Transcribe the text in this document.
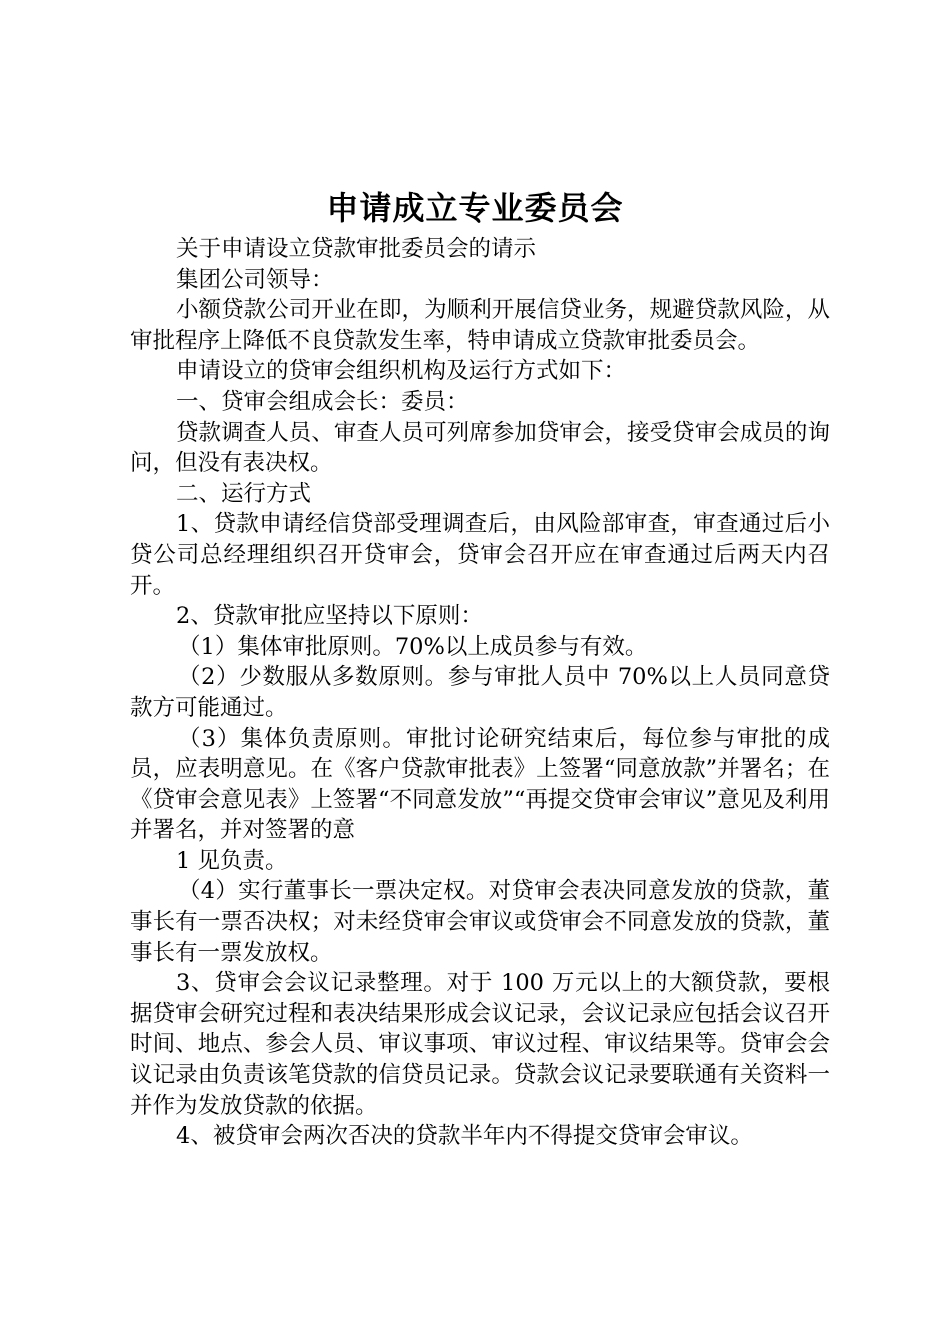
申请成立专业委员会

关于申请设立贷款审批委员会的请示

集团公司领导：

小额贷款公司开业在即，为顺利开展信贷业务，规避贷款风险，从审批程序上降低不良贷款发生率，特申请成立贷款审批委员会。

申请设立的贷审会组织机构及运行方式如下：

一、贷审会组成会长：委员：

贷款调查人员、审查人员可列席参加贷审会，接受贷审会成员的询问，但没有表决权。

二、运行方式

1、贷款申请经信贷部受理调查后，由风险部审查，审查通过后小贷公司总经理组织召开贷审会，贷审会召开应在审查通过后两天内召开。

2、贷款审批应坚持以下原则：

（1）集体审批原则。70%以上成员参与有效。

（2）少数服从多数原则。参与审批人员中 70%以上人员同意贷款方可能通过。

（3）集体负责原则。审批讨论研究结束后，每位参与审批的成员，应表明意见。在《客户贷款审批表》上签署“同意放款”并署名；在《贷审会意见表》上签署“不同意发放”“再提交贷审会审议”意见及利用并署名，并对签署的意

1 见负责。

（4）实行董事长一票决定权。对贷审会表决同意发放的贷款，董事长有一票否决权；对未经贷审会审议或贷审会不同意发放的贷款，董事长有一票发放权。

3、贷审会会议记录整理。对于 100 万元以上的大额贷款，要根据贷审会研究过程和表决结果形成会议记录，会议记录应包括会议召开时间、地点、参会人员、审议事项、审议过程、审议结果等。贷审会会议记录由负责该笔贷款的信贷员记录。贷款会议记录要联通有关资料一并作为发放贷款的依据。

4、被贷审会两次否决的贷款半年内不得提交贷审会审议。
